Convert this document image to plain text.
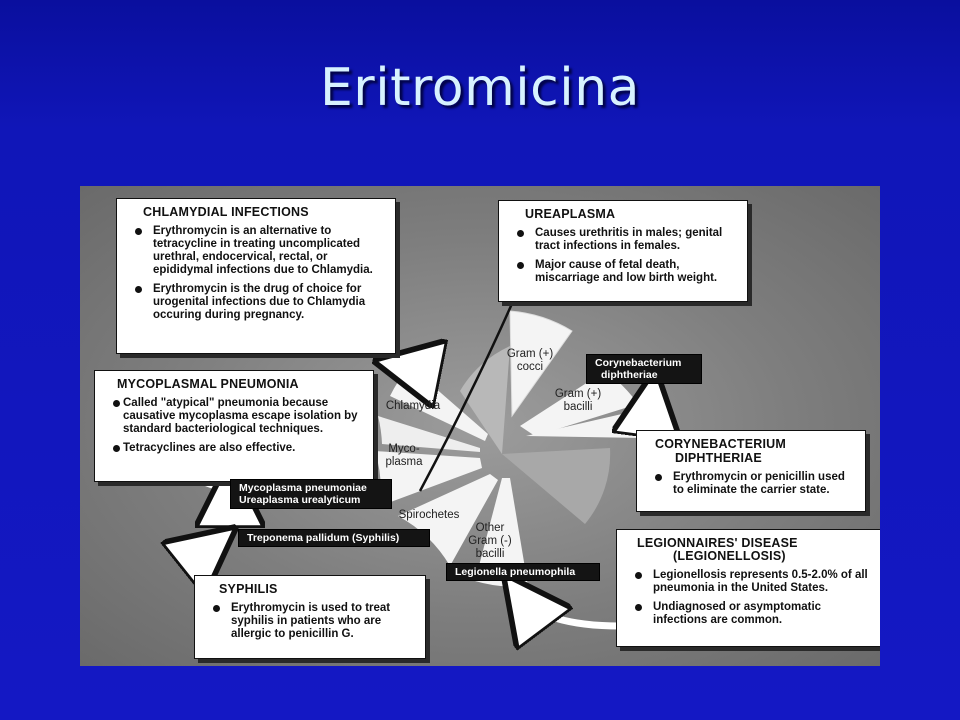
Eritromicina
CHLAMYDIAL INFECTIONS
Erythromycin is an alternative to tetracycline in treating uncomplicated urethral, endocervical, rectal, or epididymal infections due to Chlamydia.
Erythromycin is the drug of choice for urogenital infections due to Chlamydia occuring during pregnancy.
UREAPLASMA
Causes urethritis in males; genital tract infections in females.
Major cause of fetal death, miscarriage and low birth weight.
MYCOPLASMAL PNEUMONIA
Called "atypical" pneumonia because causative mycoplasma escape isolation by standard bacteriological techniques.
Tetracyclines are also effective.	CORYNEBACTERIUM
DIPHTHERIAE
Erythromycin or penicillin used to eliminate the carrier state.
LEGIONNAIRES' DISEASE
(LEGIONELLOSIS)
Legionellosis represents 0.5-2.0% of all pneumonia in the United States.
Undiagnosed or asymptomatic infections are common.
SYPHILIS
Erythromycin is used to treat syphilis in patients who are allergic to penicillin G.
Corynebacterium
diphtheriae
Mycoplasma pneumoniae
Ureaplasma urealyticum
Treponema pallidum (Syphilis)
Legionella pneumophila
Gram (+)
cocci
Gram (+)
bacilli
Chlamydia
Myco-
plasma
Spirochetes
Other
Gram (-)
bacilli
